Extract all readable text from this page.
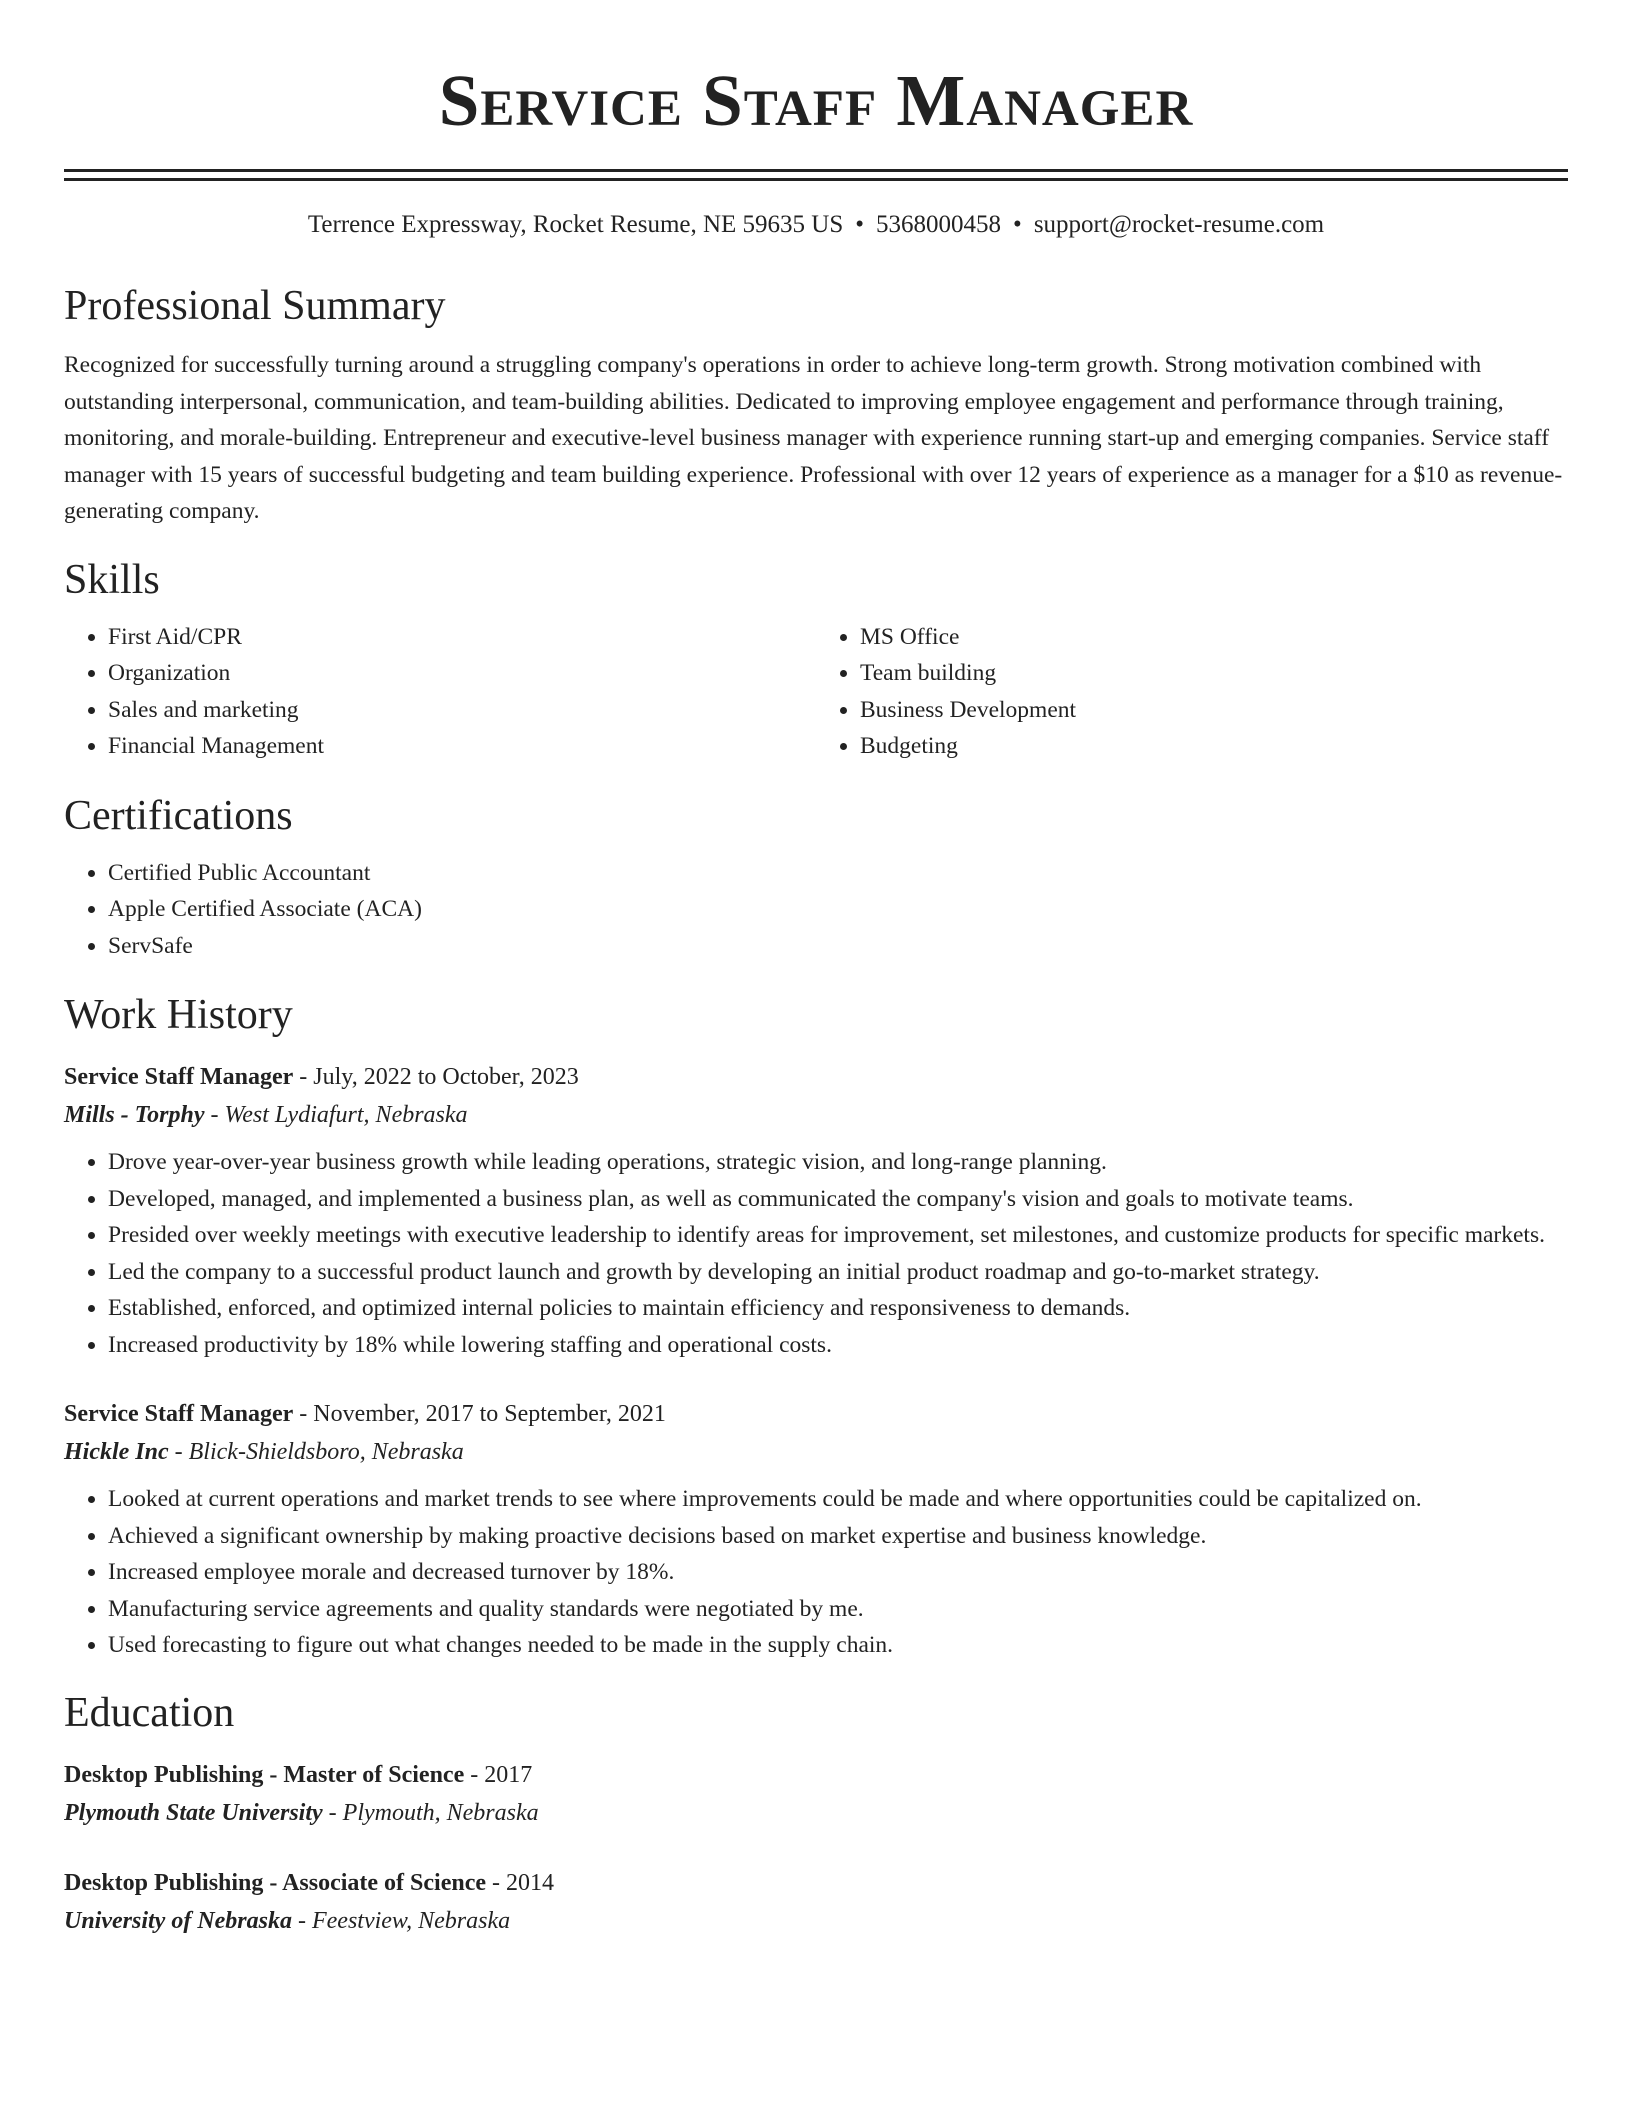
Service Staff Manager
Terrence Expressway, Rocket Resume, NE 59635 US • 5368000458 • support@rocket-resume.com
Professional Summary

Recognized for successfully turning around a struggling company's operations in order to achieve long-term growth. Strong motivation combined with outstanding interpersonal, communication, and team-building abilities. Dedicated to improving employee engagement and performance through training, monitoring, and morale-building. Entrepreneur and executive-level business manager with experience running start-up and emerging companies. Service staff manager with 15 years of successful budgeting and team building experience. Professional with over 12 years of experience as a manager for a $10 as revenue-generating company.

Skills
• First Aid/CPR
• Organization
• Sales and marketing
• Financial Management
• MS Office
• Team building
• Business Development
• Budgeting
Certifications
• Certified Public Accountant
• Apple Certified Associate (ACA)
• ServSafe
Work History
Service Staff Manager - July, 2022 to October, 2023
Mills - Torphy - West Lydiafurt, Nebraska
• Drove year-over-year business growth while leading operations, strategic vision, and long-range planning.
• Developed, managed, and implemented a business plan, as well as communicated the company's vision and goals to motivate teams.
• Presided over weekly meetings with executive leadership to identify areas for improvement, set milestones, and customize products for specific markets.
• Led the company to a successful product launch and growth by developing an initial product roadmap and go-to-market strategy.
• Established, enforced, and optimized internal policies to maintain efficiency and responsiveness to demands.
• Increased productivity by 18% while lowering staffing and operational costs.
Service Staff Manager - November, 2017 to September, 2021
Hickle Inc - Blick-Shieldsboro, Nebraska
• Looked at current operations and market trends to see where improvements could be made and where opportunities could be capitalized on.
• Achieved a significant ownership by making proactive decisions based on market expertise and business knowledge.
• Increased employee morale and decreased turnover by 18%.
• Manufacturing service agreements and quality standards were negotiated by me.
• Used forecasting to figure out what changes needed to be made in the supply chain.
Education
Desktop Publishing - Master of Science - 2017
Plymouth State University - Plymouth, Nebraska
Desktop Publishing - Associate of Science - 2014
University of Nebraska - Feestview, Nebraska
